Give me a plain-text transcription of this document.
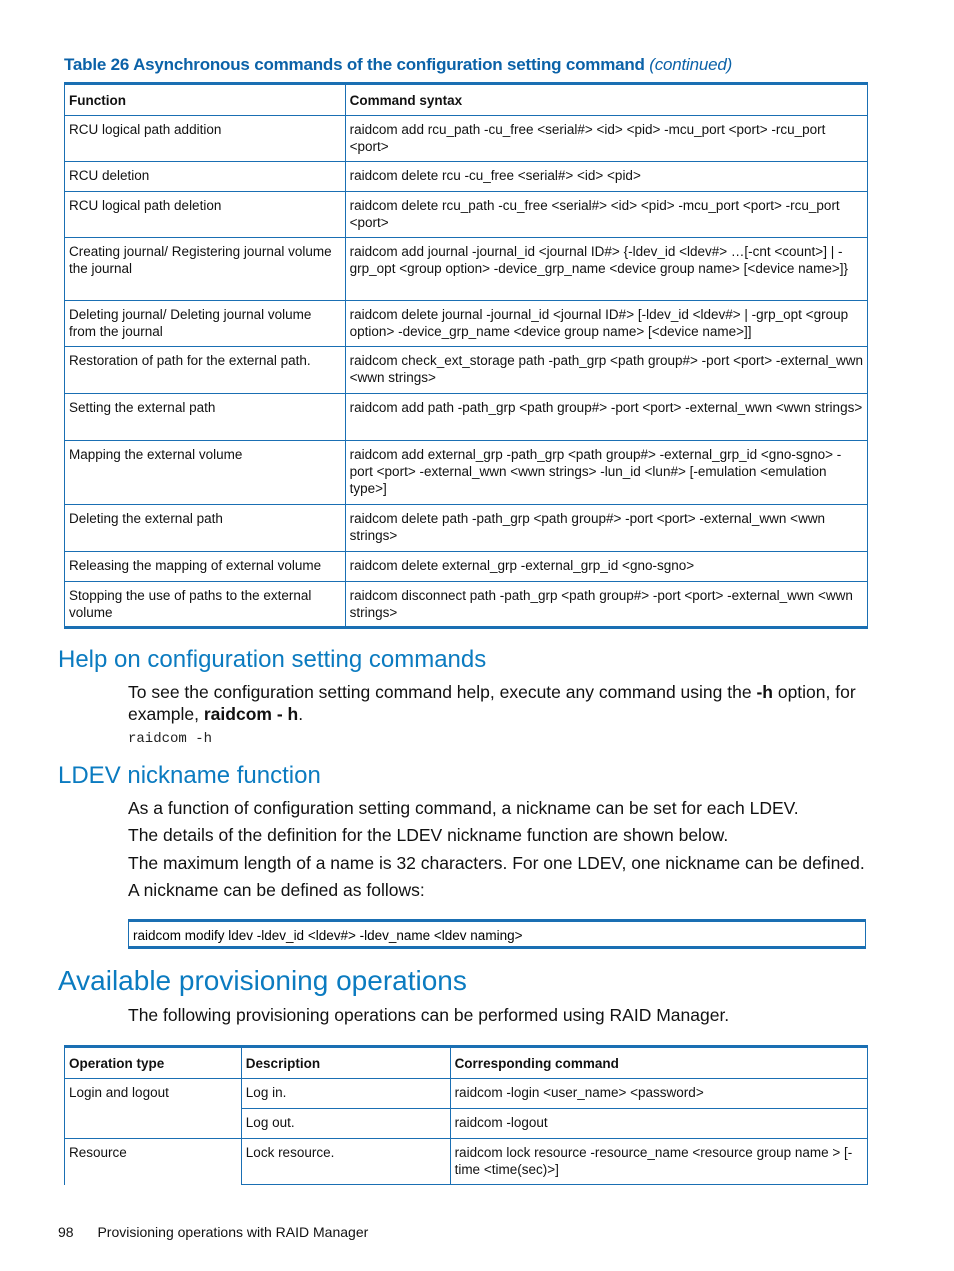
Table 26 Asynchronous commands of the configuration setting command (continued)
Function	Command syntax
RCU logical path addition	raidcom add rcu_path -cu_free <serial#> <id> <pid> -mcu_port <port> -rcu_port <port>
RCU deletion	raidcom delete rcu -cu_free <serial#> <id> <pid>
RCU logical path deletion	raidcom delete rcu_path -cu_free <serial#> <id> <pid> -mcu_port <port> -rcu_port <port>
Creating journal/ Registering journal volume the journal	raidcom add journal -journal_id <journal ID#> {-ldev_id <ldev#> …[-cnt <count>] | -grp_opt <group option> -device_grp_name <device group name> [<device name>]}
Deleting journal/ Deleting journal volume from the journal	raidcom delete journal -journal_id <journal ID#> [-ldev_id <ldev#> | -grp_opt <group option> -device_grp_name <device group name> [<device name>]]
Restoration of path for the external path.	raidcom check_ext_storage path -path_grp <path group#> -port <port> -external_wwn <wwn strings>
Setting the external path	raidcom add path -path_grp <path group#> -port <port> -external_wwn <wwn strings>
Mapping the external volume	raidcom add external_grp -path_grp <path group#> -external_grp_id <gno-sgno> -port <port> -external_wwn <wwn strings> -lun_id <lun#> [-emulation <emulation type>]
Deleting the external path	raidcom delete path -path_grp <path group#> -port <port> -external_wwn <wwn strings>
Releasing the mapping of external volume	raidcom delete external_grp -external_grp_id <gno-sgno>
Stopping the use of paths to the external volume	raidcom disconnect path -path_grp <path group#> -port <port> -external_wwn <wwn strings>
Help on configuration setting commands

To see the configuration setting command help, execute any command using the -h option, for example, raidcom - h.

raidcom -h
LDEV nickname function

As a function of configuration setting command, a nickname can be set for each LDEV.

The details of the definition for the LDEV nickname function are shown below.

The maximum length of a name is 32 characters. For one LDEV, one nickname can be defined.

A nickname can be defined as follows:

raidcom modify ldev -ldev_id <ldev#> -ldev_name <ldev naming>
Available provisioning operations

The following provisioning operations can be performed using RAID Manager.

Operation type	Description	Corresponding command
Login and logout	Log in.	raidcom -login <user_name> <password>
	Log out.	raidcom -logout
Resource	Lock resource.	raidcom lock resource -resource_name <resource group name > [-time <time(sec)>]
98 Provisioning operations with RAID Manager
